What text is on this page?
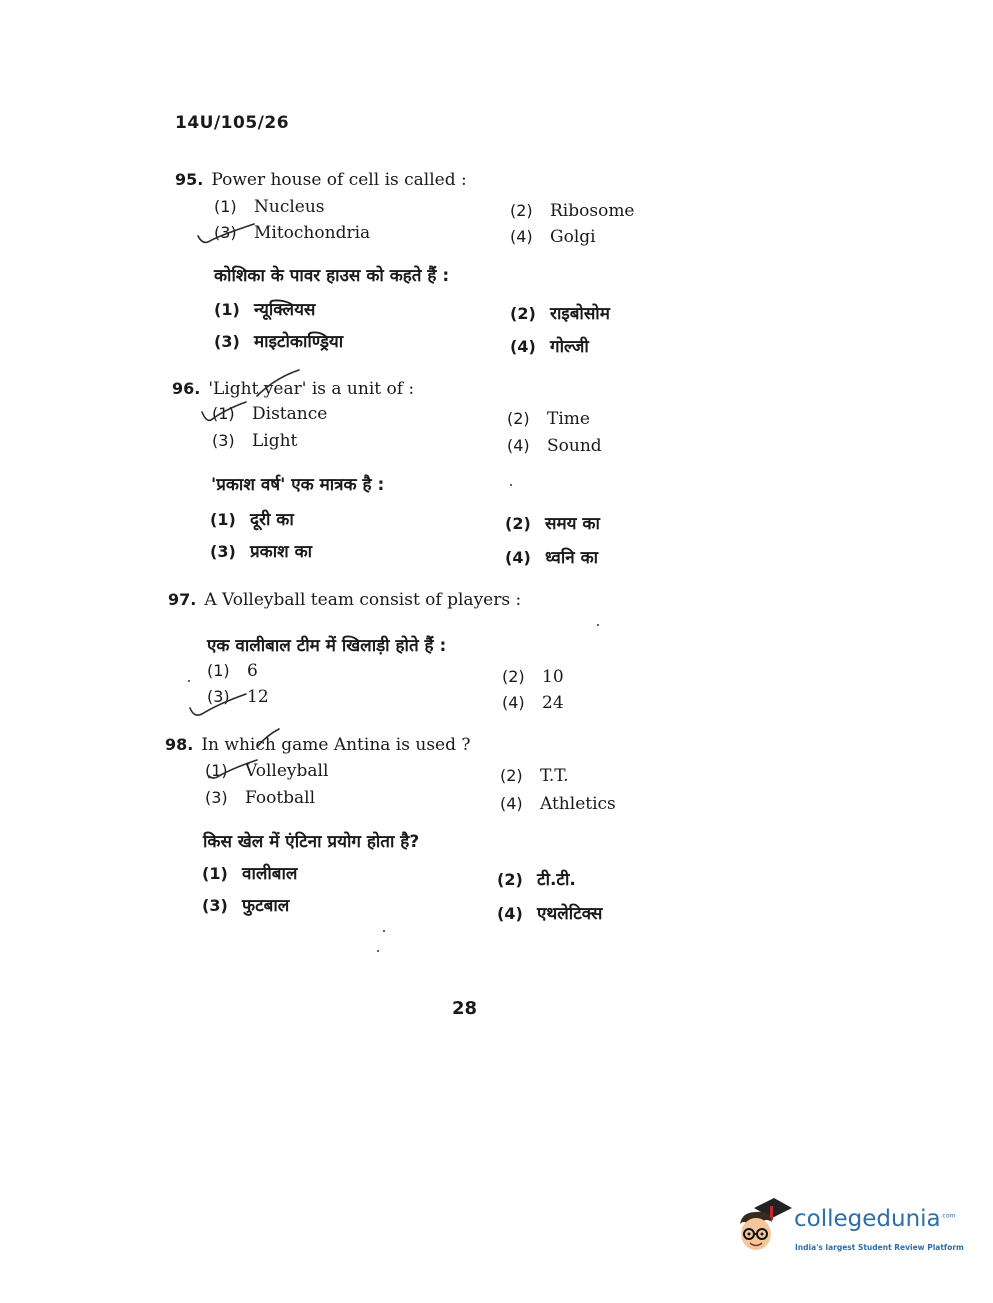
14U/105/26
95. Power house of cell is called :
(1) Nucleus	(2) Ribosome
(3) Mitochondria	(4) Golgi
कोशिका के पावर हाउस को कहते हैं :
(1) न्यूक्लियस	(2) राइबोसोम
(3) माइटोकाण्ड्रिया	(4) गोल्जी
96. 'Light year' is a unit of :
(1) Distance	(2) Time
(3) Light	(4) Sound
'प्रकाश वर्ष' एक मात्रक है :
(1) दूरी का	(2) समय का
(3) प्रकाश का	(4) ध्वनि का
97. A Volleyball team consist of players :
एक वालीबाल टीम में खिलाड़ी होते हैं :
(1) 6	(2) 10
(3) 12	(4) 24
98. In which game Antina is used ?
(1) Volleyball	(2) T.T.
(3) Football	(4) Athletics
किस खेल में एंटिना प्रयोग होता है?
(1) वालीबाल	(2) टी.टी.
(3) फुटबाल	(4) एथलेटिक्स
28
collegedunia$^{.com}$
India's largest Student Review Platform
